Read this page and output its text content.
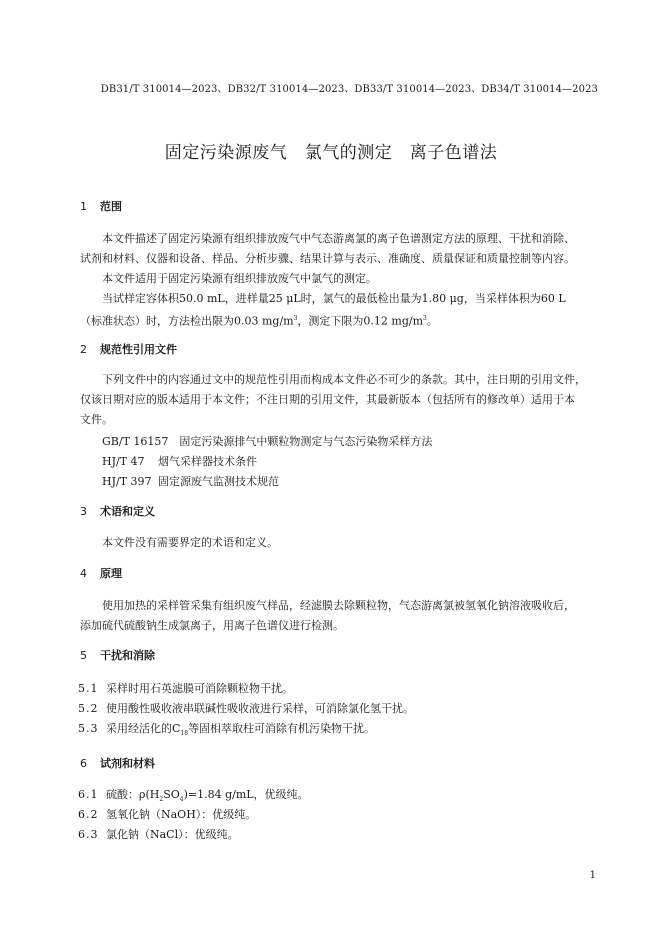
DB31/T 310014—2023、DB32/T 310014—2023、DB33/T 310014—2023、DB34/T 310014—2023
固定污染源废气　氯气的测定　离子色谱法
1 范围
本文件描述了固定污染源有组织排放废气中气态游离氯的离子色谱测定方法的原理、干扰和消除、
试剂和材料、仪器和设备、样品、分析步骤、结果计算与表示、准确度、质量保证和质量控制等内容。
本文件适用于固定污染源有组织排放废气中氯气的测定。
当试样定容体积50.0 mL，进样量25 μL时，氯气的最低检出量为1.80 μg，当采样体积为60 L
（标准状态）时，方法检出限为0.03 $mg/m^3$，测定下限为0.12 $mg/m^3$。
2 规范性引用文件
下列文件中的内容通过文中的规范性引用而构成本文件必不可少的条款。其中，注日期的引用文件，
仅该日期对应的版本适用于本文件；不注日期的引用文件，其最新版本（包括所有的修改单）适用于本
文件。
GB/T 16157　 固定污染源排气中颗粒物测定与气态污染物采样方法
HJ/T 47 烟气采样器技术条件
HJ/T 397 固定源废气监测技术规范
3 术语和定义
本文件没有需要界定的术语和定义。
4 原理
使用加热的采样管采集有组织废气样品，经滤膜去除颗粒物，气态游离氯被氢氧化钠溶液吸收后，
添加硫代硫酸钠生成氯离子，用离子色谱仪进行检测。
5 干扰和消除
5.1 采样时用石英滤膜可消除颗粒物干扰。
5.2 使用酸性吸收液串联碱性吸收液进行采样，可消除氯化氢干扰。
5.3 采用经活化的$C_{18}$等固相萃取柱可消除有机污染物干扰。
6 试剂和材料
6.1 硫酸：$\rho(H_2SO_4)=1.84$ g/mL，优级纯。
6.2 氢氧化钠（NaOH）：优级纯。
6.3 氯化钠（NaCl）：优级纯。
1
